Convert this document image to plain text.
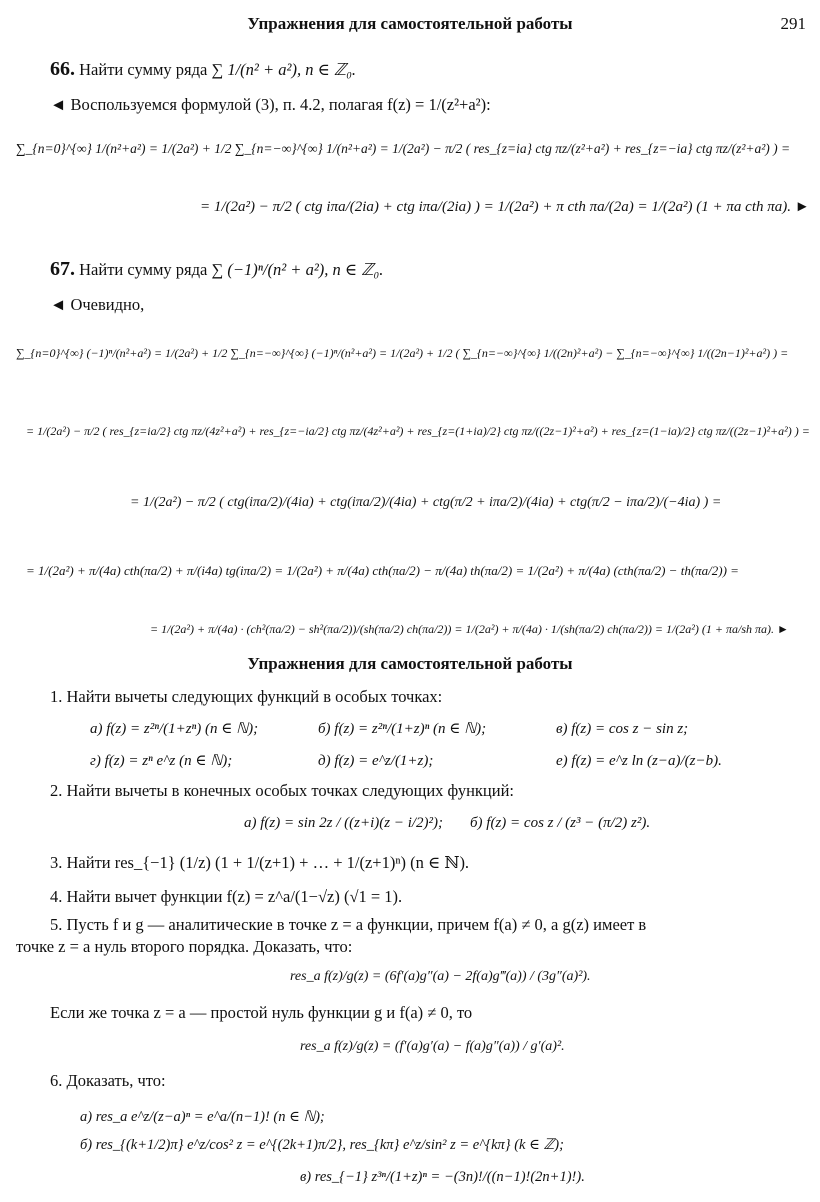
Упражнения для самостоятельной работы	291
66. Найти сумму ряда ∑ 1/(n² + a²), n ∈ ℤ₀.
◄ Воспользуемся формулой (3), п. 4.2, полагая f(z) = 1/(z²+a²):
∑_{n=0}^{∞} 1/(n²+a²) = 1/(2a²) + 1/2 ∑_{n=−∞}^{∞} 1/(n²+a²) = 1/(2a²) − π/2 ( res_{z=ia} ctg πz/(z²+a²) + res_{z=−ia} ctg πz/(z²+a²) ) =
= 1/(2a²) − π/2 ( ctg iπa/(2ia) + ctg iπa/(2ia) ) = 1/(2a²) + π cth πa/(2a) = 1/(2a²) (1 + πa cth πa). ►
67. Найти сумму ряда ∑ (−1)ⁿ/(n² + a²), n ∈ ℤ₀.
◄ Очевидно,
∑_{n=0}^{∞} (−1)ⁿ/(n²+a²) = 1/(2a²) + 1/2 ∑_{n=−∞}^{∞} (−1)ⁿ/(n²+a²) = 1/(2a²) + 1/2 ( ∑_{n=−∞}^{∞} 1/((2n)²+a²) − ∑_{n=−∞}^{∞} 1/((2n−1)²+a²) ) =
= 1/(2a²) − π/2 ( res_{z=ia/2} ctg πz/(4z²+a²) + res_{z=−ia/2} ctg πz/(4z²+a²) + res_{z=(1+ia)/2} ctg πz/((2z−1)²+a²) + res_{z=(1−ia)/2} ctg πz/((2z−1)²+a²) ) =
= 1/(2a²) − π/2 ( ctg(iπa/2)/(4ia) + ctg(iπa/2)/(4ia) + ctg(π/2 + iπa/2)/(4ia) + ctg(π/2 − iπa/2)/(−4ia) ) =
= 1/(2a²) + π/(4a) cth(πa/2) + π/(i4a) tg(iπa/2) = 1/(2a²) + π/(4a) cth(πa/2) − π/(4a) th(πa/2) = 1/(2a²) + π/(4a) (cth(πa/2) − th(πa/2)) =
= 1/(2a²) + π/(4a) · (ch²(πa/2) − sh²(πa/2))/(sh(πa/2) ch(πa/2)) = 1/(2a²) + π/(4a) · 1/(sh(πa/2) ch(πa/2)) = 1/(2a²) (1 + πa/sh πa). ►
Упражнения для самостоятельной работы
1. Найти вычеты следующих функций в особых точках:
а) f(z) = z²ⁿ/(1+zⁿ) (n ∈ ℕ);	б) f(z) = z²ⁿ/(1+z)ⁿ (n ∈ ℕ);	в) f(z) = cos z − sin z;
г) f(z) = zⁿ e^z (n ∈ ℕ);	д) f(z) = e^z/(1+z);	е) f(z) = e^z ln (z−a)/(z−b).
2. Найти вычеты в конечных особых точках следующих функций:
а) f(z) = sin 2z / ((z+i)(z − i/2)²); б) f(z) = cos z / (z³ − (π/2) z²).
3. Найти res_{−1} (1/z) (1 + 1/(z+1) + … + 1/(z+1)ⁿ) (n ∈ ℕ).
4. Найти вычет функции f(z) = z^a/(1−√z) (√1 = 1).
5. Пусть f и g — аналитические в точке z = a функции, причем f(a) ≠ 0, а g(z) имеет в
точке z = a нуль второго порядка. Доказать, что:
res_a f(z)/g(z) = (6f′(a)g″(a) − 2f(a)g‴(a)) / (3g″(a)²).
Если же точка z = a — простой нуль функции g и f(a) ≠ 0, то
res_a f(z)/g(z) = (f′(a)g′(a) − f(a)g″(a)) / g′(a)².
6. Доказать, что:
а) res_a e^z/(z−a)ⁿ = e^a/(n−1)! (n ∈ ℕ);
б) res_{(k+1/2)π} e^z/cos² z = e^{(2k+1)π/2}, res_{kπ} e^z/sin² z = e^{kπ} (k ∈ ℤ);
в) res_{−1} z³ⁿ/(1+z)ⁿ = −(3n)!/((n−1)!(2n+1)!).
